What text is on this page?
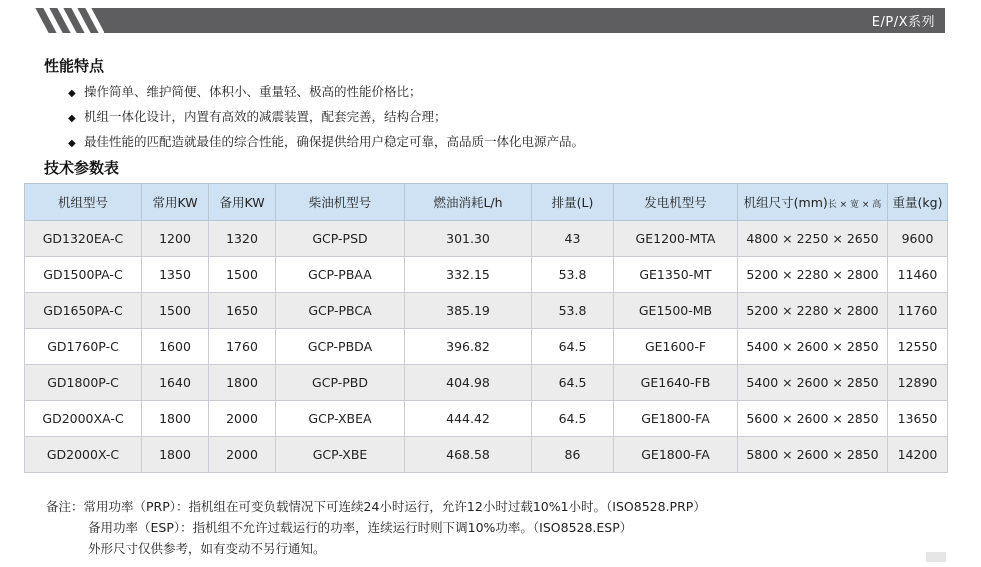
E/P/X系列
性能特点
◆ 操作简单、维护简便、体积小、重量轻、极高的性能价格比；
◆ 机组一体化设计，内置有高效的减震装置，配套完善，结构合理；
◆ 最佳性能的匹配造就最佳的综合性能，确保提供给用户稳定可靠，高品质一体化电源产品。
技术参数表
机组型号	常用KW	备用KW	柴油机型号	燃油消耗L/h	排量(L)	发电机型号	机组尺寸(mm)长 × 宽 × 高	重量(kg)
GD1320EA-C	1200	1320	GCP-PSD	301.30	43	GE1200-MTA	4800 × 2250 × 2650	9600
GD1500PA-C	1350	1500	GCP-PBAA	332.15	53.8	GE1350-MT	5200 × 2280 × 2800	11460
GD1650PA-C	1500	1650	GCP-PBCA	385.19	53.8	GE1500-MB	5200 × 2280 × 2800	11760
GD1760P-C	1600	1760	GCP-PBDA	396.82	64.5	GE1600-F	5400 × 2600 × 2850	12550
GD1800P-C	1640	1800	GCP-PBD	404.98	64.5	GE1640-FB	5400 × 2600 × 2850	12890
GD2000XA-C	1800	2000	GCP-XBEA	444.42	64.5	GE1800-FA	5600 × 2600 × 2850	13650
GD2000X-C	1800	2000	GCP-XBE	468.58	86	GE1800-FA	5800 × 2600 × 2850	14200
备注：常用功率（PRP）：指机组在可变负载情况下可连续24小时运行，允许12小时过载10%1小时。（ISO8528.PRP）
备用功率（ESP）：指机组不允许过载运行的功率，连续运行时则下调10%功率。（ISO8528.ESP）
外形尺寸仅供参考，如有变动不另行通知。
